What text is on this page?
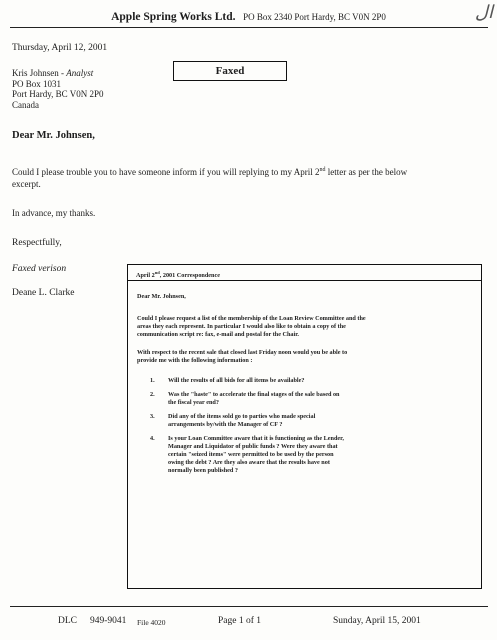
Apple Spring Works Ltd. PO Box 2340 Port Hardy, BC V0N 2P0	ال
Thursday, April 12, 2001
Faxed
Kris Johnsen - Analyst
PO Box 1031
Port Hardy, BC V0N 2P0
Canada
Dear Mr. Johnsen,
Could I please trouble you to have someone inform if you will replying to my April 2nd letter as per the below excerpt.
In advance, my thanks.
Respectfully,
Faxed verison
Deane L. Clarke
April 2nd, 2001 Correspondence
Dear Mr. Johnsen,
Could I please request a list of the membership of the Loan Review Committee and the areas they each represent. In particular I would also like to obtain a copy of the communication script re: fax, e-mail and postal for the Chair.
With respect to the recent sale that closed last Friday noon would you be able to provide me with the following information :
1.	Will the results of all bids for all items be available?
2.	Was the "haste" to accelerate the final stages of the sale based on the fiscal year end?
3.	Did any of the items sold go to parties who made special arrangements by/with the Manager of CF ?
4.	Is your Loan Committee aware that it is functioning as the Lender, Manager and Liquidator of public funds ? Were they aware that certain "seized items" were permitted to be used by the person owing the debt ? Are they also aware that the results have not normally been published ?
DLC 949-9041 File 4020	Page 1 of 1	Sunday, April 15, 2001
